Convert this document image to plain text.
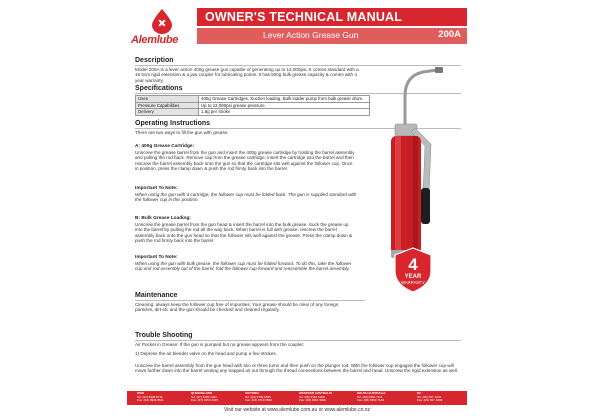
Alemlube
OWNER'S TECHNICAL MANUAL
Lever Action Grease Gun	200A
Description

Model 200A is a lever action 400g grease gun capable of generating up to 12,000psi. It comes standard with a 16.5cm rigid extension & a jaw coupler for lubricating points. It has 500g bulk grease capacity & comes with 4 year warranty.

Specifications
Uses	400g Grease Cartridges, Suction loading, Bulk loader pump from bulk grease drum.
Pressure Capabilities	Up to 12,000psi grease pressure
Delivery	1.8g per stroke
Operating Instructions

There are two ways to fill the gun with grease:

A: 400g Grease Cartridge:

Unscrew the grease barrel from the gun and insert the 400g grease cartridge by holding the barrel assembly and pulling the rod back. Remove cap from the grease cartridge, insert the cartridge into the barrel and then rescrew the barrel assembly back onto the gun so that the cartridge sits well against the follower cup. Once in position, press the clamp down & push the rod firmly back into the barrel.

Important To Note:

When using the gun with a cartridge, the follower cup must be folded back. The gun is supplied standard with the follower cup in this position.

B: Bulk Grease Loading:

Unscrew the grease barrel from the gun head & insert the barrel into the bulk grease. Suck the grease up into the barrel by pulling the rod all the way back. When barrel is full with grease, rescrew the barrel assembly back onto the gun head so that the follower sits well against the grease. Press the clamp down & push the rod firmly back into the barrel.

Important To Note:

When using the gun with bulk grease, the follower cup must be folded forward. To do this, take the follower cup and rod assembly out of the barrel, fold the follower cup forward and reassemble the barrel assembly.

Maintenance

Cleaning: always keep the follower cup free of impurities. Your grease should be clear of any foreign particles, dirt etc and the gun should be checked and cleaned regularly.

Trouble Shooting

Air Pocket in Grease: If the gun is pumped but no grease appears from the coupler:

1) Depress the air bleeder valve on the head and pump a few strokes.

Unscrew the barrel assembly from the gun head with two or three turns and then push on the plunger rod. With the follower cup engaged the follower cup will move further down into the barrel venting any trapped air out through the thread connections between the barrel and head. Unscrew the rigid extension as well.

4
YEAR
WARRANTY
NSW
Tel: (02) 9938 8711
Fax: (02) 9938 8611
QUEENSLAND
Tel: (07) 3255 1931
Fax: (07) 3255 2345
VICTORIA
Tel: (03) 9700 5555
Fax: (03) 9700 5566
WESTERN AUSTRALIA
Tel: (08) 9361 5200
Fax: (08) 9361 5900
SOUTH AUSTRALIA
Tel: (08) 8350 7111
Fax: (08) 8350 7100
NZ
Tel: (09) 837 1007
Fax: (09) 837 1099
Visit our website at www.alemlube.com.au or www.alemlube.co.nz
